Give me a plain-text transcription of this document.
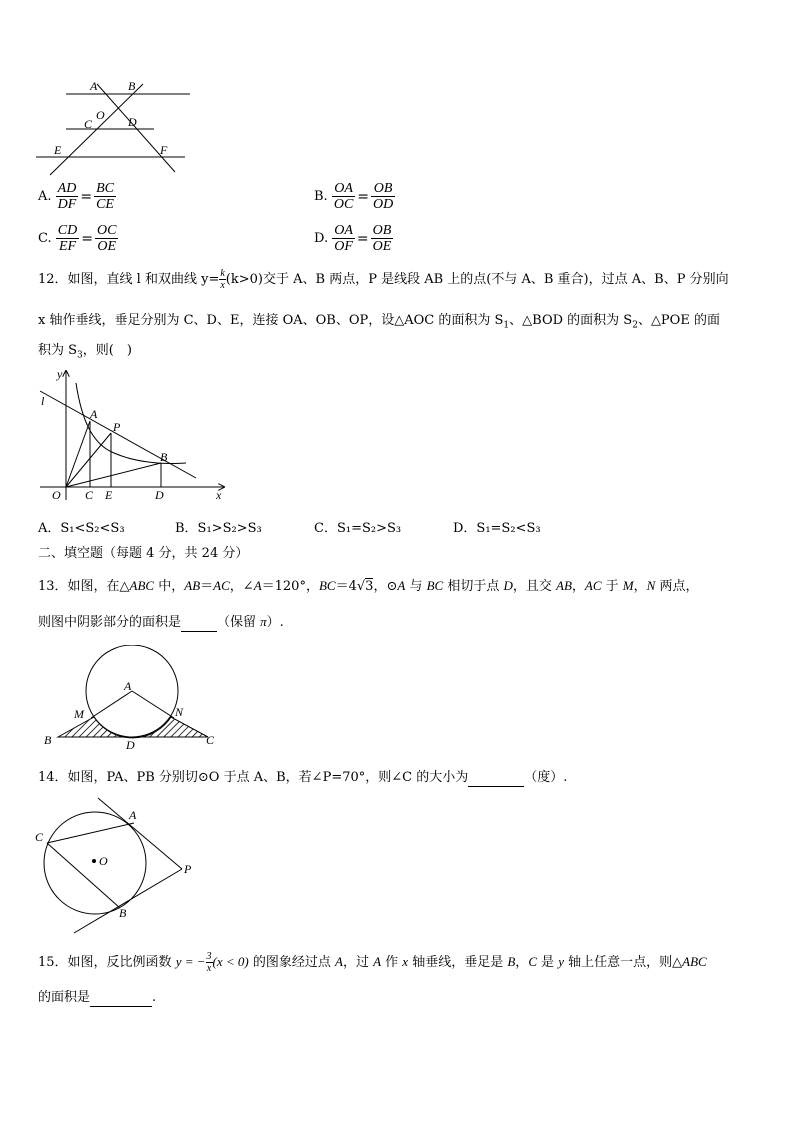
A	B
O
C	D
E	F
A. $\frac{AD}{DF} = \frac{BC}{CE}$	B. $\frac{OA}{OC} = \frac{OB}{OD}$
C. $\frac{CD}{EF} = \frac{OC}{OE}$	D. $\frac{OA}{OF} = \frac{OB}{OE}$
12．如图，直线 l 和双曲线 $y= \frac{k}{x} (k>0)$交于 A、B 两点，P 是线段 AB 上的点(不与 A、B 重合)，过点 A、B、P 分别向
x 轴作垂线，垂足分别为 C、D、E，连接 OA、OB、OP，设△AOC 的面积为 $S_1$、△BOD 的面积为 $S_2$、△POE 的面
积为 $S_3$，则(　)
y
l
A
P
B
O C E	D	x
A．S₁<S₂<S₃	B．S₁>S₂>S₃	C．S₁=S₂>S₃	D．S₁=S₂<S₃
二、填空题（每题 4 分，共 24 分）
13．如图，在△ABC 中，AB＝AC，∠A＝120°，BC＝4√3，⊙A 与 BC 相切于点 D，且交 AB，AC 于 M，N 两点，
则图中阴影部分的面积是	（保留 π）.
A
M	N
B	D	C
14．如图，PA、PB 分别切⊙O 于点 A、B，若∠P=70°，则∠C 的大小为	（度）.
C
A
O
P
B
15．如图，反比例函数 y = − $\frac{3}{x} (x < 0)$ 的图象经过点 A，过 A 作 x 轴垂线，垂足是 B，C 是 y 轴上任意一点，则△ABC
的面积是	.
